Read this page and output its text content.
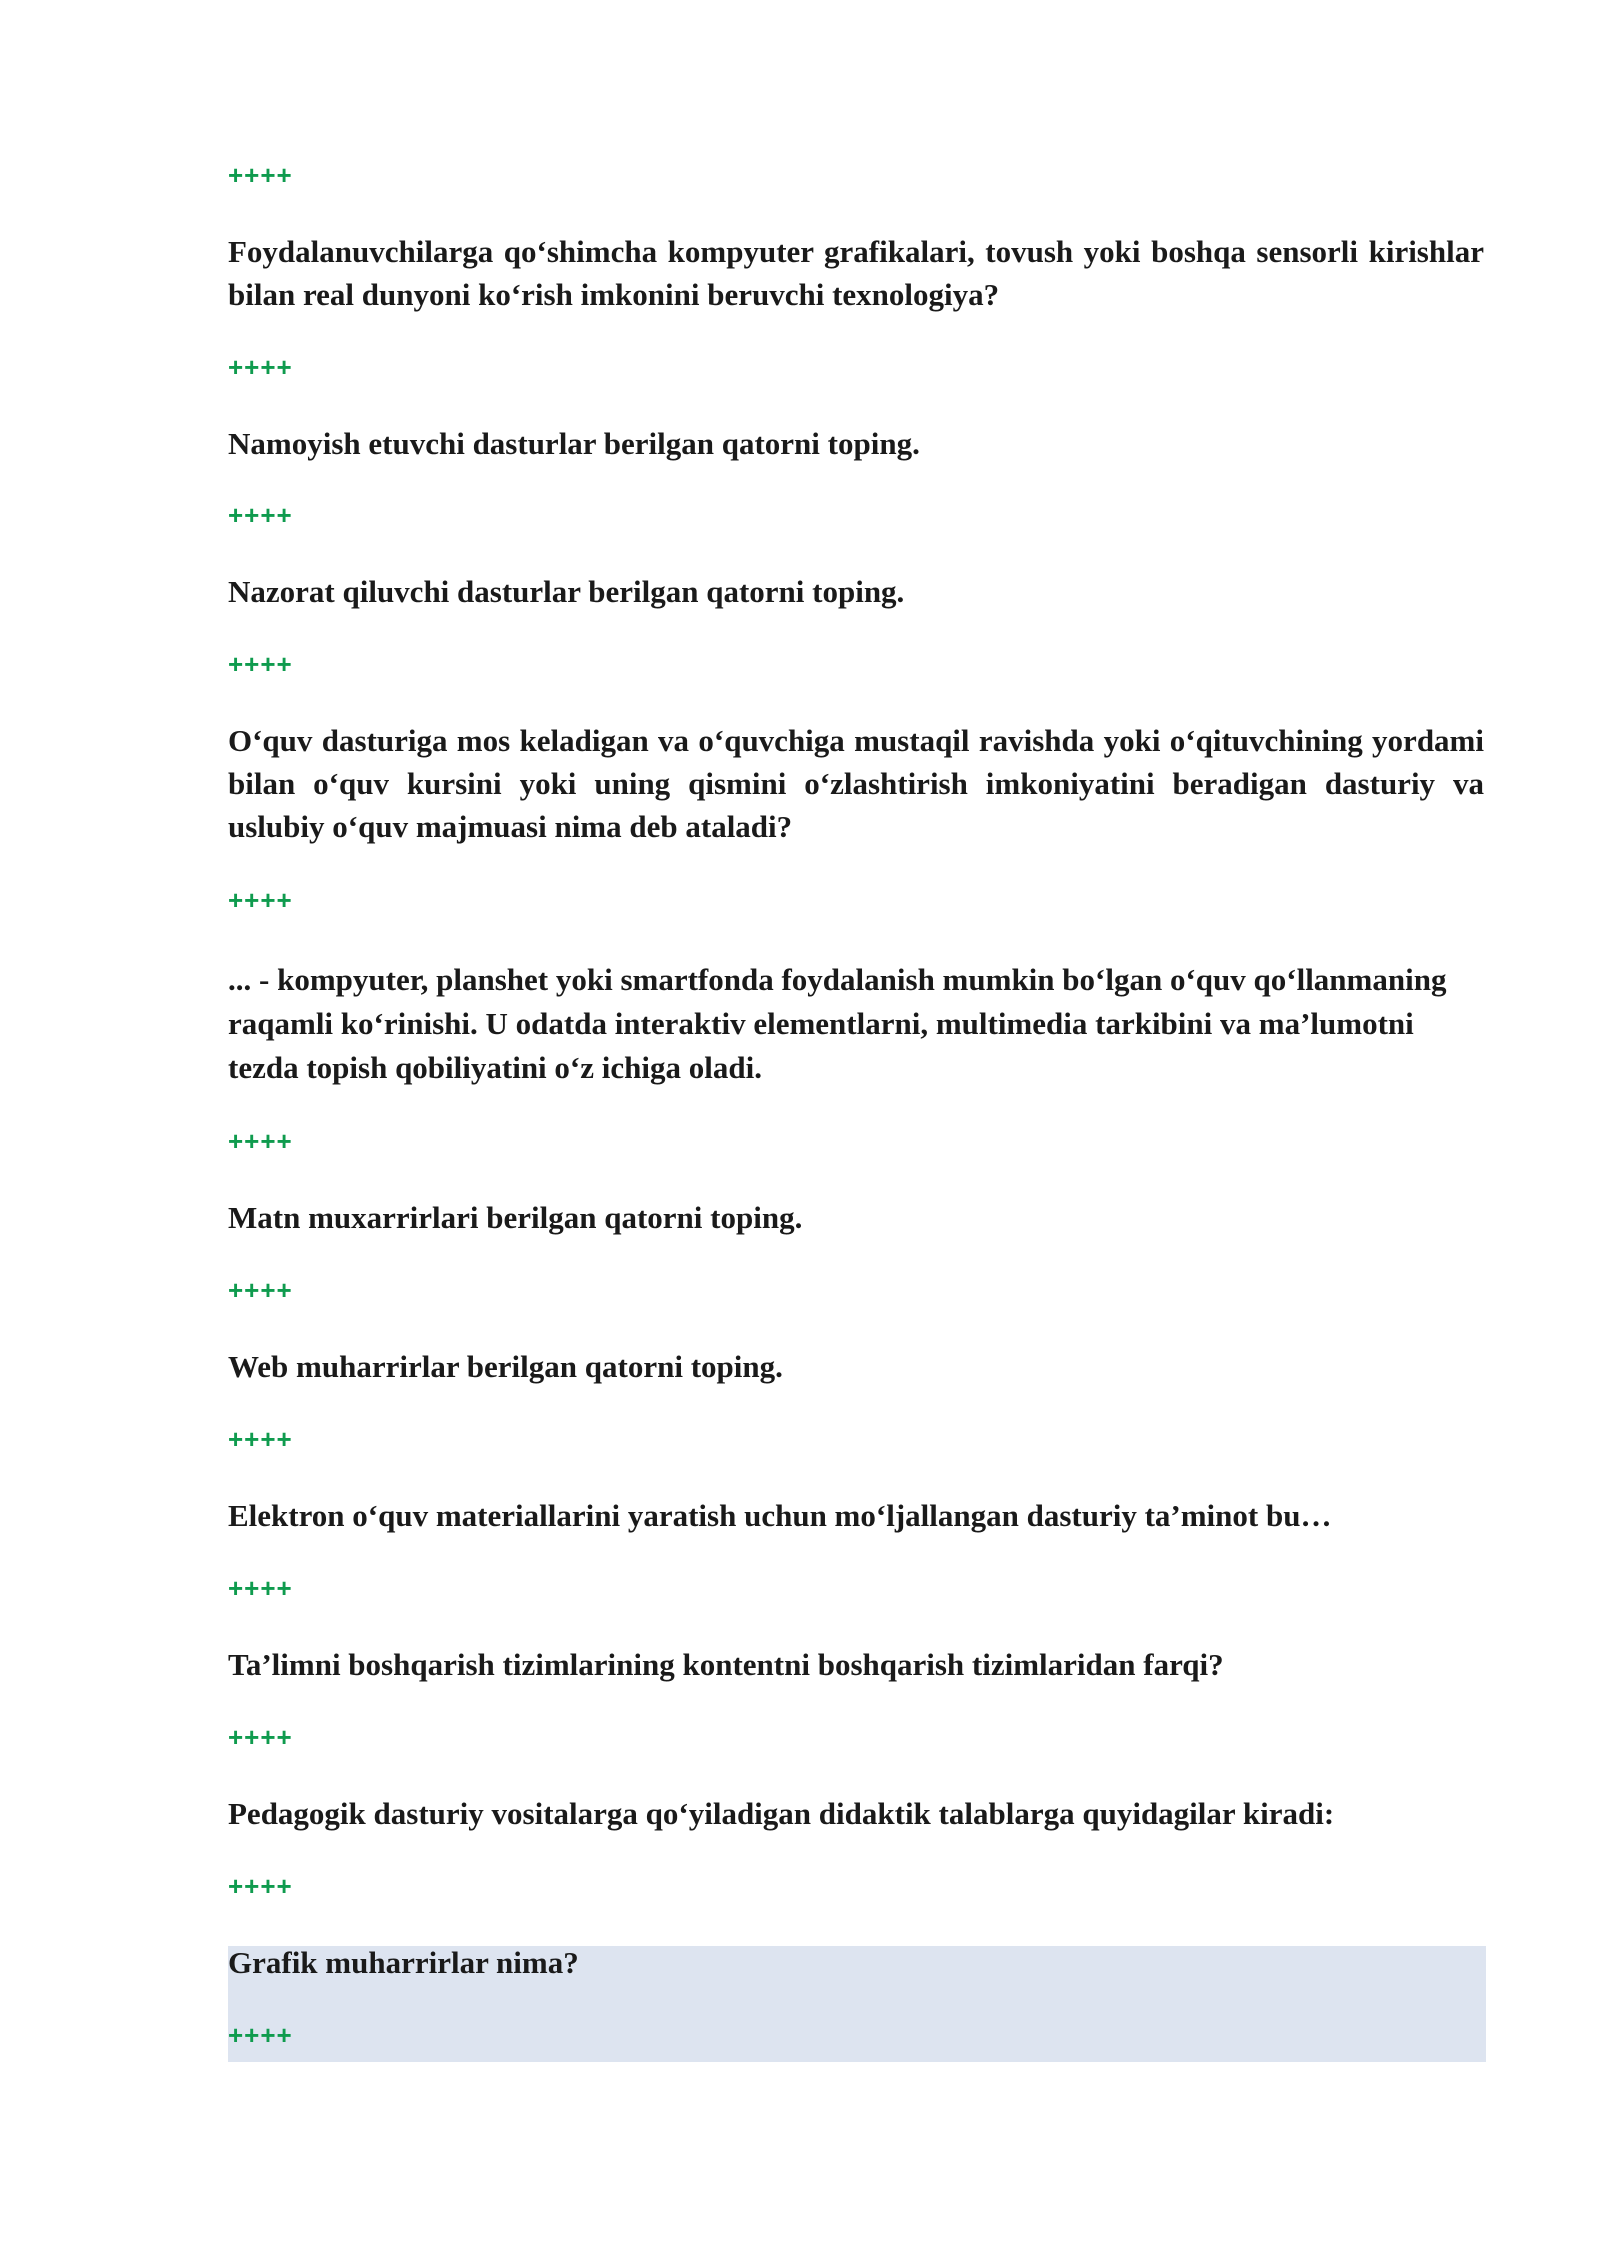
++++
Foydalanuvchilarga qo‘shimcha kompyuter grafikalari, tovush yoki boshqa sensorli kirishlar bilan real dunyoni ko‘rish imkonini beruvchi texnologiya?
++++
Namoyish etuvchi dasturlar berilgan qatorni toping.
++++
Nazorat qiluvchi dasturlar berilgan qatorni toping.
++++
O‘quv dasturiga mos keladigan va o‘quvchiga mustaqil ravishda yoki o‘qituvchining yordami bilan o‘quv kursini yoki uning qismini o‘zlashtirish imkoniyatini beradigan dasturiy va uslubiy o‘quv majmuasi nima deb ataladi?
++++
... - kompyuter, planshet yoki smartfonda foydalanish mumkin bo‘lgan o‘quv qo‘llanmaning raqamli ko‘rinishi. U odatda interaktiv elementlarni, multimedia tarkibini va ma’lumotni tezda topish qobiliyatini o‘z ichiga oladi.
++++
Matn muxarrirlari berilgan qatorni toping.
++++
Web muharrirlar berilgan qatorni toping.
++++
Elektron o‘quv materiallarini yaratish uchun mo‘ljallangan dasturiy ta’minot bu…
++++
Ta’limni boshqarish tizimlarining kontentni boshqarish tizimlaridan farqi?
++++
Pedagogik dasturiy vositalarga qo‘yiladigan didaktik talablarga quyidagilar kiradi:
++++
Grafik muharrirlar nima?
++++
